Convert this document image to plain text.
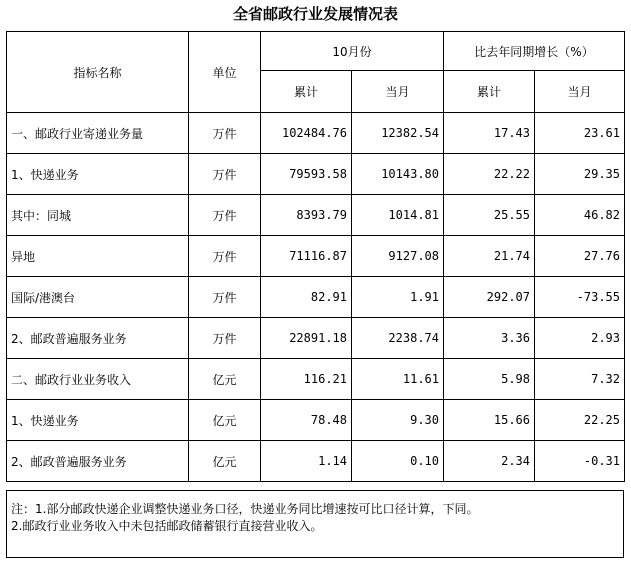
全省邮政行业发展情况表
指标名称	单位	10月份		比去年同期增长（%）	
		累计	当月	累计	当月
一、邮政行业寄递业务量	万件	102484.76	12382.54	17.43	23.61
1、快递业务	万件	79593.58	10143.80	22.22	29.35
其中：同城	万件	8393.79	1014.81	25.55	46.82
异地	万件	71116.87	9127.08	21.74	27.76
国际/港澳台	万件	82.91	1.91	292.07	-73.55
2、邮政普遍服务业务	万件	22891.18	2238.74	3.36	2.93
二、邮政行业业务收入	亿元	116.21	11.61	5.98	7.32
1、快递业务	亿元	78.48	9.30	15.66	22.25
2、邮政普遍服务业务	亿元	1.14	0.10	2.34	-0.31
注：1.部分邮政快递企业调整快递业务口径，快递业务同比增速按可比口径计算，下同。
2.邮政行业业务收入中未包括邮政储蓄银行直接营业收入。
